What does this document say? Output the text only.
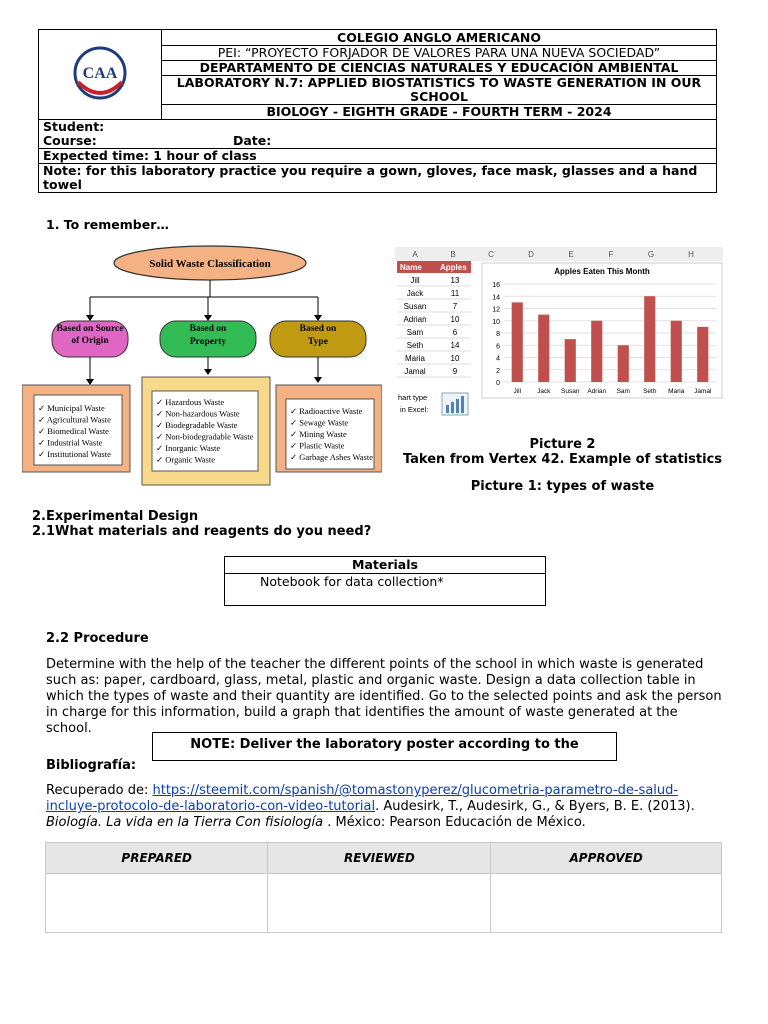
CAA
	COLEGIO ANGLO AMERICANO
PEI: “PROYECTO FORJADOR DE VALORES PARA UNA NUEVA SOCIEDAD”
DEPARTAMENTO DE CIENCIAS NATURALES Y EDUCACIÓN AMBIENTAL
LABORATORY N.7: APPLIED BIOSTATISTICS TO WASTE GENERATION IN OUR SCHOOL
BIOLOGY - EIGHTH GRADE - FOURTH TERM - 2024

Student:
Course:	Date:

Expected time: 1 hour of class
Note: for this laboratory practice you require a gown, gloves, face mask, glasses and a hand towel
1. To remember…
Solid Waste Classification
Based on Source of Origin
Based on Property
Based on Type
✓ Municipal Waste
✓ Agricultural Waste
✓ Biomedical Waste
✓ Industrial Waste
✓ Institutional Waste
✓ Hazardous Waste
✓ Non-hazardous Waste
✓ Biodegradable Waste
✓ Non-biodegradable Waste
✓ Inorganic Waste
✓ Organic Waste
✓ Radioactive Waste
✓ Sewage Waste
✓ Mining Waste
✓ Plastic Waste
✓ Garbage Ashes Waste
A	B	C	D	E	F	G	H
Name Apples
Jill	13
Jack	11
Susan	7
Adrian	10
Sam	6
Seth	14
Maria	10
Jamal	9
Apples Eaten This Month
0
2
4
6
8
10
12
14
16
Jill Jack Susan Adrian Sam Seth Maria Jamal
hart type
in Excel:
Picture 2
Taken from Vertex 42. Example of statistics
Picture 1: types of waste
2.Experimental Design
2.1What materials and reagents do you need?
Materials
Notebook for data collection*
2.2 Procedure
Determine with the help of the teacher the different points of the school in which waste is generated such as: paper, cardboard, glass, metal, plastic and organic waste. Design a data collection table in which the types of waste and their quantity are identified. Go to the selected points and ask the person in charge for this information, build a graph that identifies the amount of waste generated at the school.
NOTE: Deliver the laboratory poster according to the
Bibliografía:
Recuperado de: https://steemit.com/spanish/@tomastonyperez/glucometria-parametro-de-salud-incluye-protocolo-de-laboratorio-con-video-tutorial. Audesirk, T., Audesirk, G., & Byers, B. E. (2013). Biología. La vida en la Tierra Con fisiología . México: Pearson Educación de México.
PREPARED	REVIEWED	APPROVED
